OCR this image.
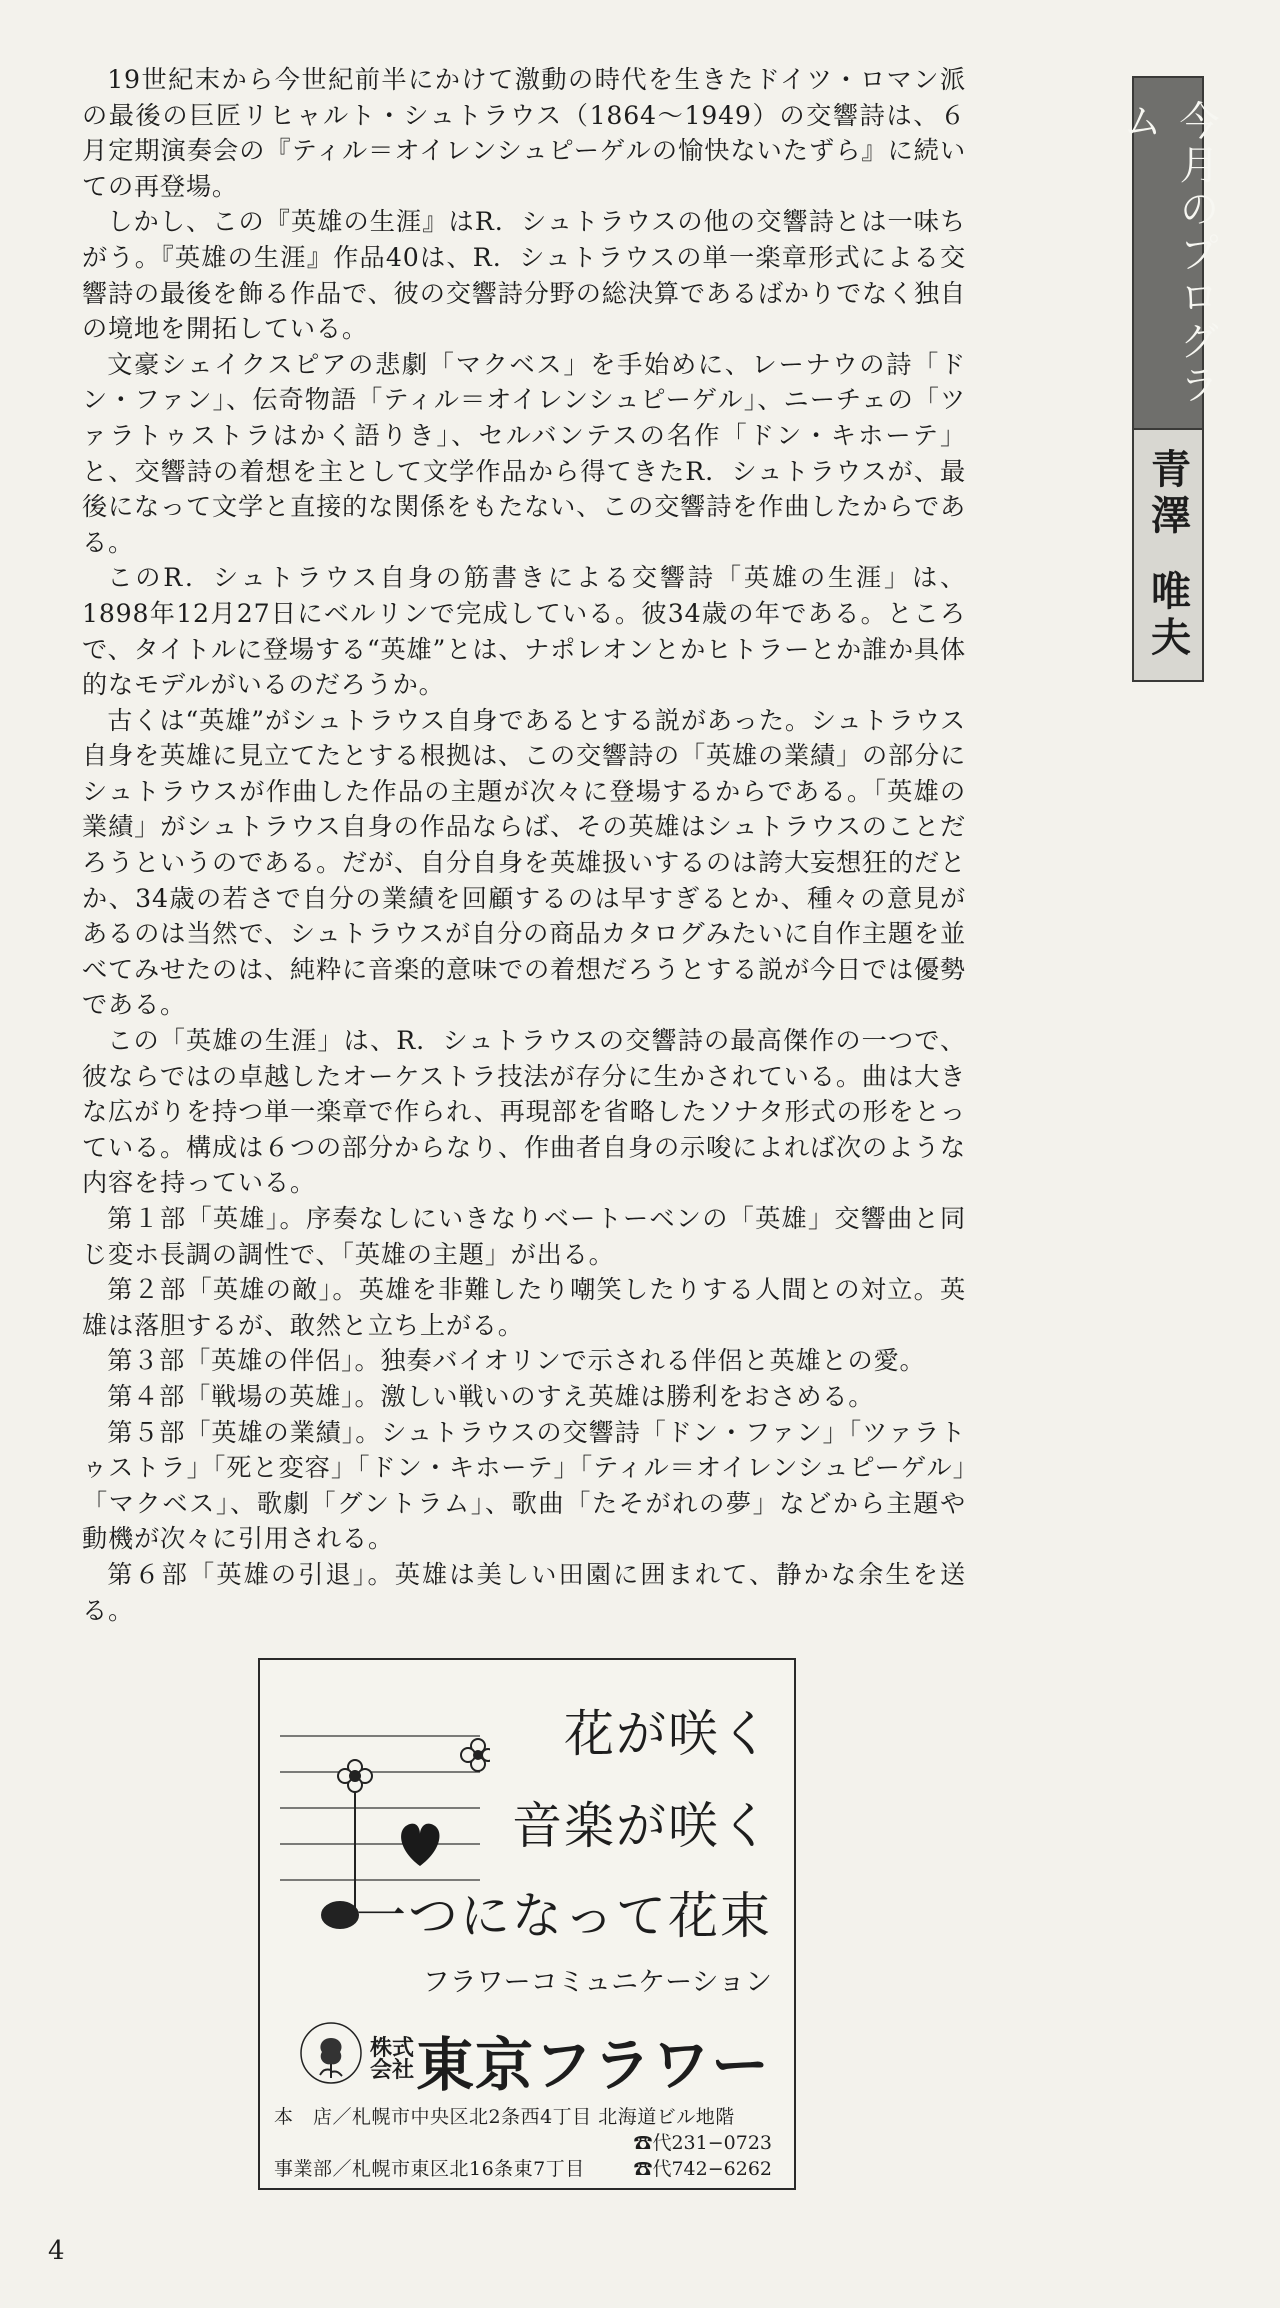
今月のプログラム
青澤
唯夫

19世紀末から今世紀前半にかけて激動の時代を生きたドイツ・ロマン派の最後の巨匠リヒャルト・シュトラウス（1864〜1949）の交響詩は、６月定期演奏会の『ティル＝オイレンシュピーゲルの愉快ないたずら』に続いての再登場。

しかし、この『英雄の生涯』はR．シュトラウスの他の交響詩とは一味ちがう。『英雄の生涯』作品40は、R．シュトラウスの単一楽章形式による交響詩の最後を飾る作品で、彼の交響詩分野の総決算であるばかりでなく独自の境地を開拓している。

文豪シェイクスピアの悲劇「マクベス」を手始めに、レーナウの詩「ドン・ファン」、伝奇物語「ティル＝オイレンシュピーゲル」、ニーチェの「ツァラトゥストラはかく語りき」、セルバンテスの名作「ドン・キホーテ」と、交響詩の着想を主として文学作品から得てきたR．シュトラウスが、最後になって文学と直接的な関係をもたない、この交響詩を作曲したからである。

このR．シュトラウス自身の筋書きによる交響詩「英雄の生涯」は、1898年12月27日にベルリンで完成している。彼34歳の年である。ところで、タイトルに登場する“英雄”とは、ナポレオンとかヒトラーとか誰か具体的なモデルがいるのだろうか。

古くは“英雄”がシュトラウス自身であるとする説があった。シュトラウス自身を英雄に見立てたとする根拠は、この交響詩の「英雄の業績」の部分にシュトラウスが作曲した作品の主題が次々に登場するからである。「英雄の業績」がシュトラウス自身の作品ならば、その英雄はシュトラウスのことだろうというのである。だが、自分自身を英雄扱いするのは誇大妄想狂的だとか、34歳の若さで自分の業績を回顧するのは早すぎるとか、種々の意見があるのは当然で、シュトラウスが自分の商品カタログみたいに自作主題を並べてみせたのは、純粋に音楽的意味での着想だろうとする説が今日では優勢である。

この「英雄の生涯」は、R．シュトラウスの交響詩の最高傑作の一つで、彼ならではの卓越したオーケストラ技法が存分に生かされている。曲は大きな広がりを持つ単一楽章で作られ、再現部を省略したソナタ形式の形をとっている。構成は６つの部分からなり、作曲者自身の示唆によれば次のような内容を持っている。

第１部「英雄」。序奏なしにいきなりベートーベンの「英雄」交響曲と同じ変ホ長調の調性で、「英雄の主題」が出る。

第２部「英雄の敵」。英雄を非難したり嘲笑したりする人間との対立。英雄は落胆するが、敢然と立ち上がる。

第３部「英雄の伴侶」。独奏バイオリンで示される伴侶と英雄との愛。

第４部「戦場の英雄」。激しい戦いのすえ英雄は勝利をおさめる。

第５部「英雄の業績」。シュトラウスの交響詩「ドン・ファン」「ツァラトゥストラ」「死と変容」「ドン・キホーテ」「ティル＝オイレンシュピーゲル」「マクベス」、歌劇「グントラム」、歌曲「たそがれの夢」などから主題や動機が次々に引用される。

第６部「英雄の引退」。英雄は美しい田園に囲まれて、静かな余生を送る。

花が咲く
音楽が咲く
一つになって花束
フラワーコミュニケーション
株式
会社 東京フラワー
本　店／札幌市中央区北2条西4丁目 北海道ビル地階
☎代231−0723
事業部／札幌市東区北16条東7丁目	☎代742−6262
4
